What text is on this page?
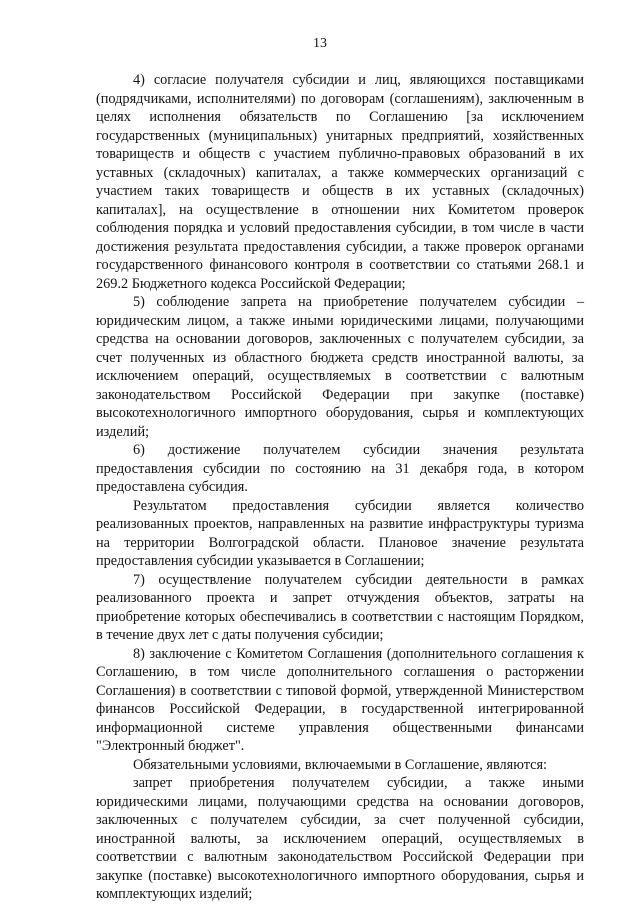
13

4) согласие получателя субсидии и лиц, являющихся поставщиками (подрядчиками, исполнителями) по договорам (соглашениям), заключенным в целях исполнения обязательств по Соглашению [за исключением государственных (муниципальных) унитарных предприятий, хозяйственных товариществ и обществ с участием публично-правовых образований в их уставных (складочных) капиталах, а также коммерческих организаций с участием таких товариществ и обществ в их уставных (складочных) капиталах], на осуществление в отношении них Комитетом проверок соблюдения порядка и условий предоставления субсидии, в том числе в части достижения результата предоставления субсидии, а также проверок органами государственного финансового контроля в соответствии со статьями 268.1 и 269.2 Бюджетного кодекса Российской Федерации;

5) соблюдение запрета на приобретение получателем субсидии – юридическим лицом, а также иными юридическими лицами, получающими средства на основании договоров, заключенных с получателем субсидии, за счет полученных из областного бюджета средств иностранной валюты, за исключением операций, осуществляемых в соответствии с валютным законодательством Российской Федерации при закупке (поставке) высокотехнологичного импортного оборудования, сырья и комплектующих изделий;

6) достижение получателем субсидии значения результата предоставления субсидии по состоянию на 31 декабря года, в котором предоставлена субсидия.

Результатом предоставления субсидии является количество реализованных проектов, направленных на развитие инфраструктуры туризма на территории Волгоградской области. Плановое значение результата предоставления субсидии указывается в Соглашении;

7) осуществление получателем субсидии деятельности в рамках реализованного проекта и запрет отчуждения объектов, затраты на приобретение которых обеспечивались в соответствии с настоящим Порядком, в течение двух лет с даты получения субсидии;

8) заключение с Комитетом Соглашения (дополнительного соглашения к Соглашению, в том числе дополнительного соглашения о расторжении Соглашения) в соответствии с типовой формой, утвержденной Министерством финансов Российской Федерации, в государственной интегрированной информационной системе управления общественными финансами "Электронный бюджет".

Обязательными условиями, включаемыми в Соглашение, являются:

запрет приобретения получателем субсидии, а также иными юридическими лицами, получающими средства на основании договоров, заключенных с получателем субсидии, за счет полученной субсидии, иностранной валюты, за исключением операций, осуществляемых в соответствии с валютным законодательством Российской Федерации при закупке (поставке) высокотехнологичного импортного оборудования, сырья и комплектующих изделий;
